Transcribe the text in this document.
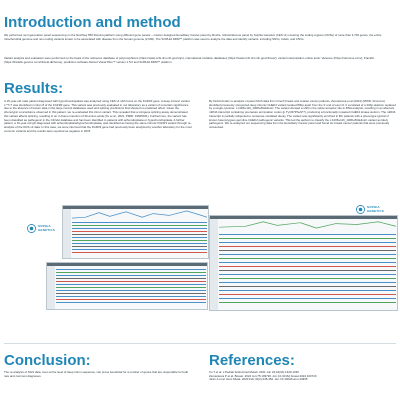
Introduction and method

We performed next generation panel sequencing on the NextSeq 550 Illumina platform using different gene panels – custom designed Hereditary Cancer panel by Roche, Clinical Exome panel by Sophia Genetics (CES v1) covering the coding regions (CDSs) of more than 4,700 genes, the entire mitochondrial genome and non-coding variants known to be associated with disease from the human genome (2,000). The SOPHiA DDM™ platform was used to analyze the data and identify variants, including SNVs, indels, and CNVs.

Variant analysis and evaluation were performed on the basis of the reference database of polymorphisms (https://www.ncbi.nlm.nih.gov/snp/), international mutation databases (https://www.ncbi.nlm.nih.gov/clinvar/), variant interpretation online tools: Varsome (https://varsome.com/), Franklin (https://franklin.genoox.com/clinical-db/home), prediction software Alamut Visual Plus™ version 1.5.0 and SOPHiA DDM™ platform.

Results:

A 15-year-old male patient diagnosed with hypochondroplasia was analyzed using CES v1 with focus on the FGFR3 gene. A deep intronic variant c.*?>? was identified in intron 8 of the FGFR3 gene. This variant was previously evaluated in our laboratory as a variant of uncertain significance due to the absence of known data in the large control databases used and splicing predictions that showed no predicted effect. Given the phenotypic concordance observed in this patient, we re-evaluated this intron variant. This revealed that a minigene splicing assay demonstrated this variant affects splicing, resulting in an in-frame insertion of 30 amino acids (Xu et al., 2021, PMID: 34625021). Furthermore, the variant has been classified as pathogenic in the ClinVar database and has been identified in patients with achondroplasia or hypochondroplasia. A further patient, a 10-year-old girl diagnosed with achondroplasia/hypochondroplasia, was identified as having the same intronic FGFR3 variant through re-analysis of the NGS v2 data. In this case, we were informed that the FGFR3 gene had previously been analyzed by another laboratory for the most common variants and the results were reported as negative in 2015.

By bioinformatic re-analysis of panel NGS data from Czech breast and ovarian cancer patients, Zemankova et al (2024) (PMID: 3xxxxxxx) identified previously unreported deep intronic CHEK2 variant located 80bp apart from the 3' end of exon 9. It consisted of a 20bp deletion replaced by a single cytosine: c.1008+116_1008+80delinsC. The variant showed a shift in the splice acceptor site in RNA analysis, resulting in an aberrant mRNA transcript containing premature termination codon (p.Tyr337Phefs*7), producing a functionally impaired CHEK2 kinase isoform. The mRNA transcript is partially subjected to nonsense-mediated decay. The variant was significantly enriched in BC patients with a phenotype typical of known heterozygous germline CHEK2 pathogenic variants. This led the authors to classify the c.1008+116_1008+80delinsC variant as likely pathogenic. We re-analyzed our sequencing data from the Hereditary Cancer panel and found six breast cancer patients that were previously unresolved.

SOPHiA
GENETICS
SOPHiA
GENETICS
Conclusion:

The re-analysis of NGS data, even at the level of deep intron sequence, can prove beneficial for a number of genes that are responsible for both rare and common diagnoses.

References:
Xu T et al. J Pediatr Endocrinol Metab. 2021 Jun 24;34(10):1329-1336
Zemankova P et al. Breast. 2024 Jun;75:103720. doi: 10.1016/j.breast.2024.103720
Janin A et al. Hum Mutat. 2020 Feb;41(2):445-452. doi: 10.1002/humu.23935
